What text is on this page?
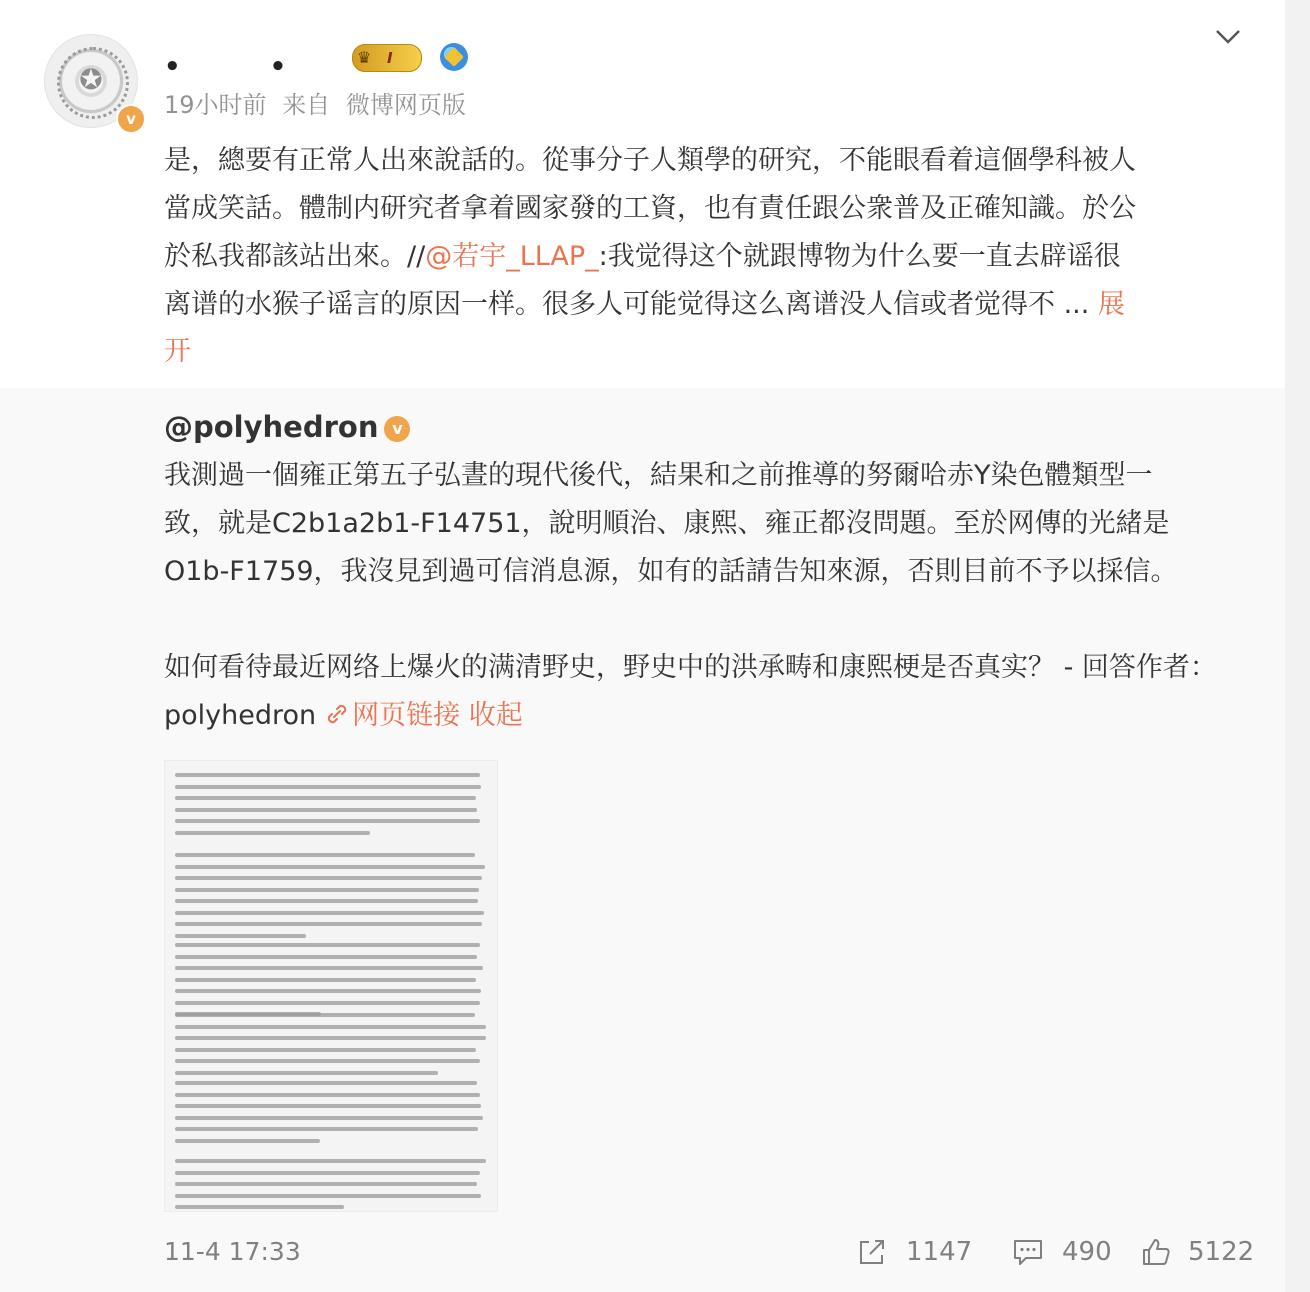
✪
v
• • ♛ I
19小时前 来自 微博网页版
是，總要有正常人出來說話的。從事分子人類學的研究，不能眼看着這個學科被人
當成笑話。體制内研究者拿着國家發的工資，也有責任跟公衆普及正確知識。於公
於私我都該站出來。//@若宇_LLAP_:我觉得这个就跟博物为什么要一直去辟谣很
离谱的水猴子谣言的原因一样。很多人可能觉得这么离谱没人信或者觉得不 ... 展
开
@polyhedron v
我測過一個雍正第五子弘晝的現代後代，結果和之前推導的努爾哈赤Y染色體類型一
致，就是C2b1a2b1-F14751，說明順治、康熙、雍正都沒問題。至於网傳的光緒是
O1b-F1759，我沒見到過可信消息源，如有的話請告知來源，否則目前不予以採信。
如何看待最近网络上爆火的满清野史，野史中的洪承畴和康熙梗是否真实？ - 回答作者：
polyhedron 网页链接 收起
11-4 17:33	1147	490	5122
